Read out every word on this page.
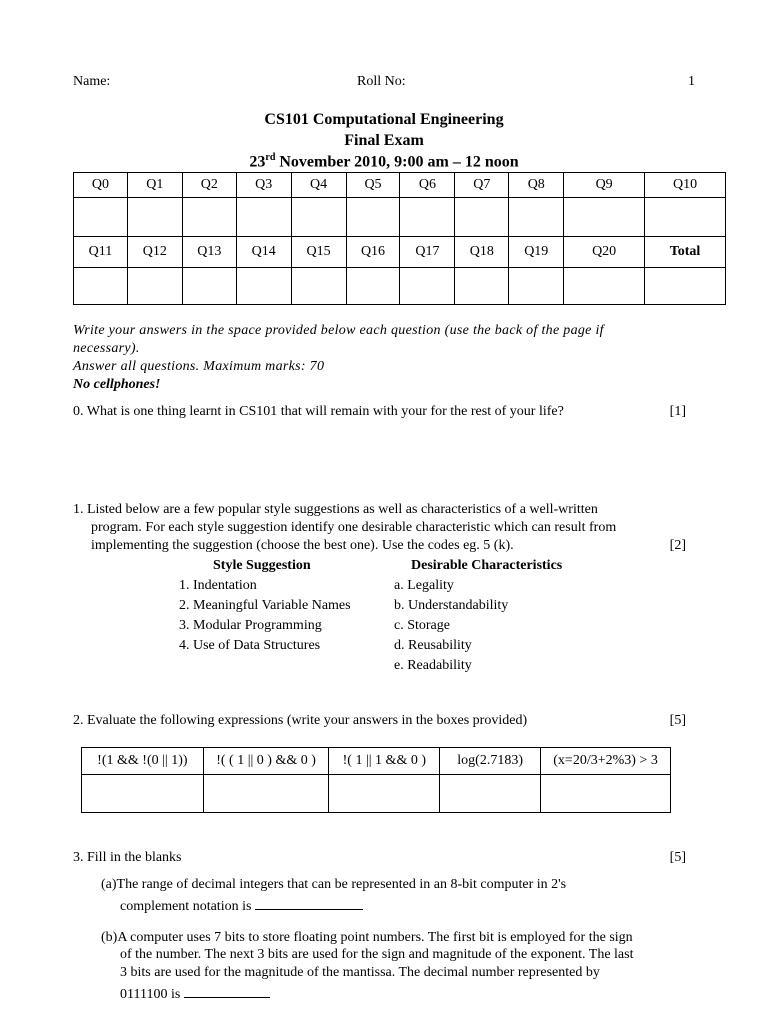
Name:	Roll No:	1
CS101 Computational Engineering
Final Exam
23rd November 2010, 9:00 am – 12 noon
Q0	Q1	Q2	Q3	Q4	Q5	Q6	Q7	Q8	Q9	Q10

Q11	Q12	Q13	Q14	Q15	Q16	Q17	Q18	Q19	Q20	Total

Write your answers in the space provided below each question (use the back of the page if
necessary).
Answer all questions. Maximum marks: 70
No cellphones!
0. What is one thing learnt in CS101 that will remain with your for the rest of your life?	[1]
1. Listed below are a few popular style suggestions as well as characteristics of a well-written
program. For each style suggestion identify one desirable characteristic which can result from
implementing the suggestion (choose the best one). Use the codes eg. 5 (k).	[2]
Style Suggestion	Desirable Characteristics
1. Indentation
2. Meaningful Variable Names
3. Modular Programming
4. Use of Data Structures
a. Legality
b. Understandability
c. Storage
d. Reusability
e. Readability
2. Evaluate the following expressions (write your answers in the boxes provided)	[5]
!(1 && !(0 || 1))	!( ( 1 || 0 ) && 0 )	!( 1 || 1 && 0 )	log(2.7183)	(x=20/3+2%3) > 3

3. Fill in the blanks	[5]
(a)The range of decimal integers that can be represented in an 8-bit computer in 2's
complement notation is
(b)A computer uses 7 bits to store floating point numbers. The first bit is employed for the sign
of the number. The next 3 bits are used for the sign and magnitude of the exponent. The last
3 bits are used for the magnitude of the mantissa. The decimal number represented by
0111100 is
